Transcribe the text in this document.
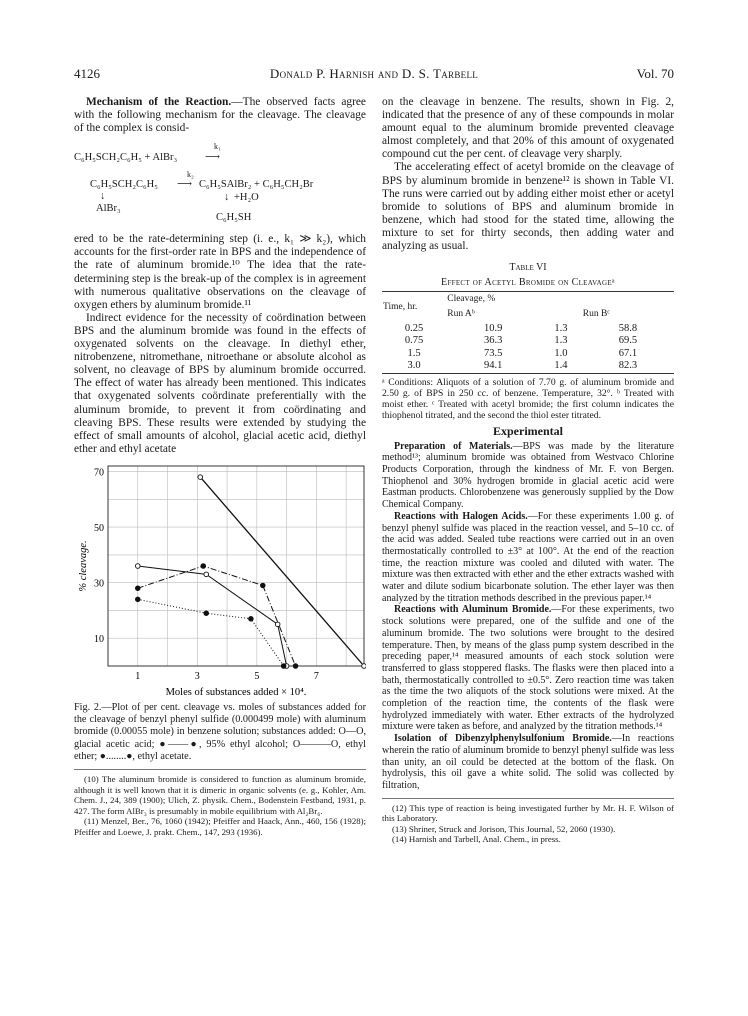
4126	Donald P. Harnish and D. S. Tarbell	Vol. 70

Mechanism of the Reaction.—The observed facts agree with the following mechanism for the cleavage. The cleavage of the complex is consid-

C₆H₅SCH₂C₆H₅ + AlBr₃
k₁
⟶
C₆H₅SCH₂C₆H₅
k₂
⟶ C₆H₅SAlBr₂ + C₆H₅CH₂Br
↓
AlBr₃
↓ +H₂O
C₆H₅SH

ered to be the rate-determining step (i. e., k₁ ≫ k₂), which accounts for the first-order rate in BPS and the independence of the rate of aluminum bromide.¹⁰ The idea that the rate-determining step is the break-up of the complex is in agreement with numerous qualitative observations on the cleavage of oxygen ethers by aluminum bromide.¹¹

Indirect evidence for the necessity of coördination between BPS and the aluminum bromide was found in the effects of oxygenated solvents on the cleavage. In diethyl ether, nitrobenzene, nitromethane, nitroethane or absolute alcohol as solvent, no cleavage of BPS by aluminum bromide occurred. The effect of water has already been mentioned. This indicates that oxygenated solvents coördinate preferentially with the aluminum bromide, to prevent it from coördinating and cleaving BPS. These results were extended by studying the effect of small amounts of alcohol, glacial acetic acid, diethyl ether and ethyl acetate

10
30
50
70
1	3	5	7
Moles of substances added × 10⁴.
% cleavage.
Fig. 2.—Plot of per cent. cleavage vs. moles of substances added for the cleavage of benzyl phenyl sulfide (0.000499 mole) with aluminum bromide (0.00055 mole) in benzene solution; substances added: O—O, glacial acetic acid; ●——●, 95% ethyl alcohol; O———O, ethyl ether; ●........●, ethyl acetate.

(10) The aluminum bromide is considered to function as aluminum bromide, although it is well known that it is dimeric in organic solvents (e. g., Kohler, Am. Chem. J., 24, 389 (1900); Ulich, Z. physik. Chem., Bodenstein Festband, 1931, p. 427. The form AlBr₃ is presumably in mobile equilibrium with Al₂Br₆.

(11) Menzel, Ber., 76, 1060 (1942); Pfeiffer and Haack, Ann., 460, 156 (1928); Pfeiffer and Loewe, J. prakt. Chem., 147, 293 (1936).

on the cleavage in benzene. The results, shown in Fig. 2, indicated that the presence of any of these compounds in molar amount equal to the aluminum bromide prevented cleavage almost completely, and that 20% of this amount of oxygenated compound cut the per cent. of cleavage very sharply.

The accelerating effect of acetyl bromide on the cleavage of BPS by aluminum bromide in benzene¹² is shown in Table VI. The runs were carried out by adding either moist ether or acetyl bromide to solutions of BPS and aluminum bromide in benzene, which had stood for the stated time, allowing the mixture to set for thirty seconds, then adding water and analyzing as usual.

Table VI
Effect of Acetyl Bromide on Cleavageᵃ
Time, hr.	Cleavage, %		
	Run Aᵇ		Run Bᶜ
0.25	10.9	1.3	58.8
0.75	36.3	1.3	69.5
1.5	73.5	1.0	67.1
3.0	94.1	1.4	82.3
ᵃ Conditions: Aliquots of a solution of 7.70 g. of aluminum bromide and 2.50 g. of BPS in 250 cc. of benzene. Temperature, 32°. ᵇ Treated with moist ether. ᶜ Treated with acetyl bromide; the first column indicates the thiophenol titrated, and the second the thiol ester titrated.
Experimental

Preparation of Materials.—BPS was made by the literature method¹³; aluminum bromide was obtained from Westvaco Chlorine Products Corporation, through the kindness of Mr. F. von Bergen. Thiophenol and 30% hydrogen bromide in glacial acetic acid were Eastman products. Chlorobenzene was generously supplied by the Dow Chemical Company.

Reactions with Halogen Acids.—For these experiments 1.00 g. of benzyl phenyl sulfide was placed in the reaction vessel, and 5–10 cc. of the acid was added. Sealed tube reactions were carried out in an oven thermostatically controlled to ±3° at 100°. At the end of the reaction time, the reaction mixture was cooled and diluted with water. The mixture was then extracted with ether and the ether extracts washed with water and dilute sodium bicarbonate solution. The ether layer was then analyzed by the titration methods described in the previous paper.¹⁴

Reactions with Aluminum Bromide.—For these experiments, two stock solutions were prepared, one of the sulfide and one of the aluminum bromide. The two solutions were brought to the desired temperature. Then, by means of the glass pump system described in the preceding paper,¹⁴ measured amounts of each stock solution were transferred to glass stoppered flasks. The flasks were then placed into a bath, thermostatically controlled to ±0.5°. Zero reaction time was taken as the time the two aliquots of the stock solutions were mixed. At the completion of the reaction time, the contents of the flask were hydrolyzed immediately with water. Ether extracts of the hydrolyzed mixture were taken as before, and analyzed by the titration methods.¹⁴

Isolation of Dibenzylphenylsulfonium Bromide.—In reactions wherein the ratio of aluminum bromide to benzyl phenyl sulfide was less than unity, an oil could be detected at the bottom of the flask. On hydrolysis, this oil gave a white solid. The solid was collected by filtration,

(12) This type of reaction is being investigated further by Mr. H. F. Wilson of this Laboratory.

(13) Shriner, Struck and Jorison, This Journal, 52, 2060 (1930).

(14) Harnish and Tarbell, Anal. Chem., in press.
